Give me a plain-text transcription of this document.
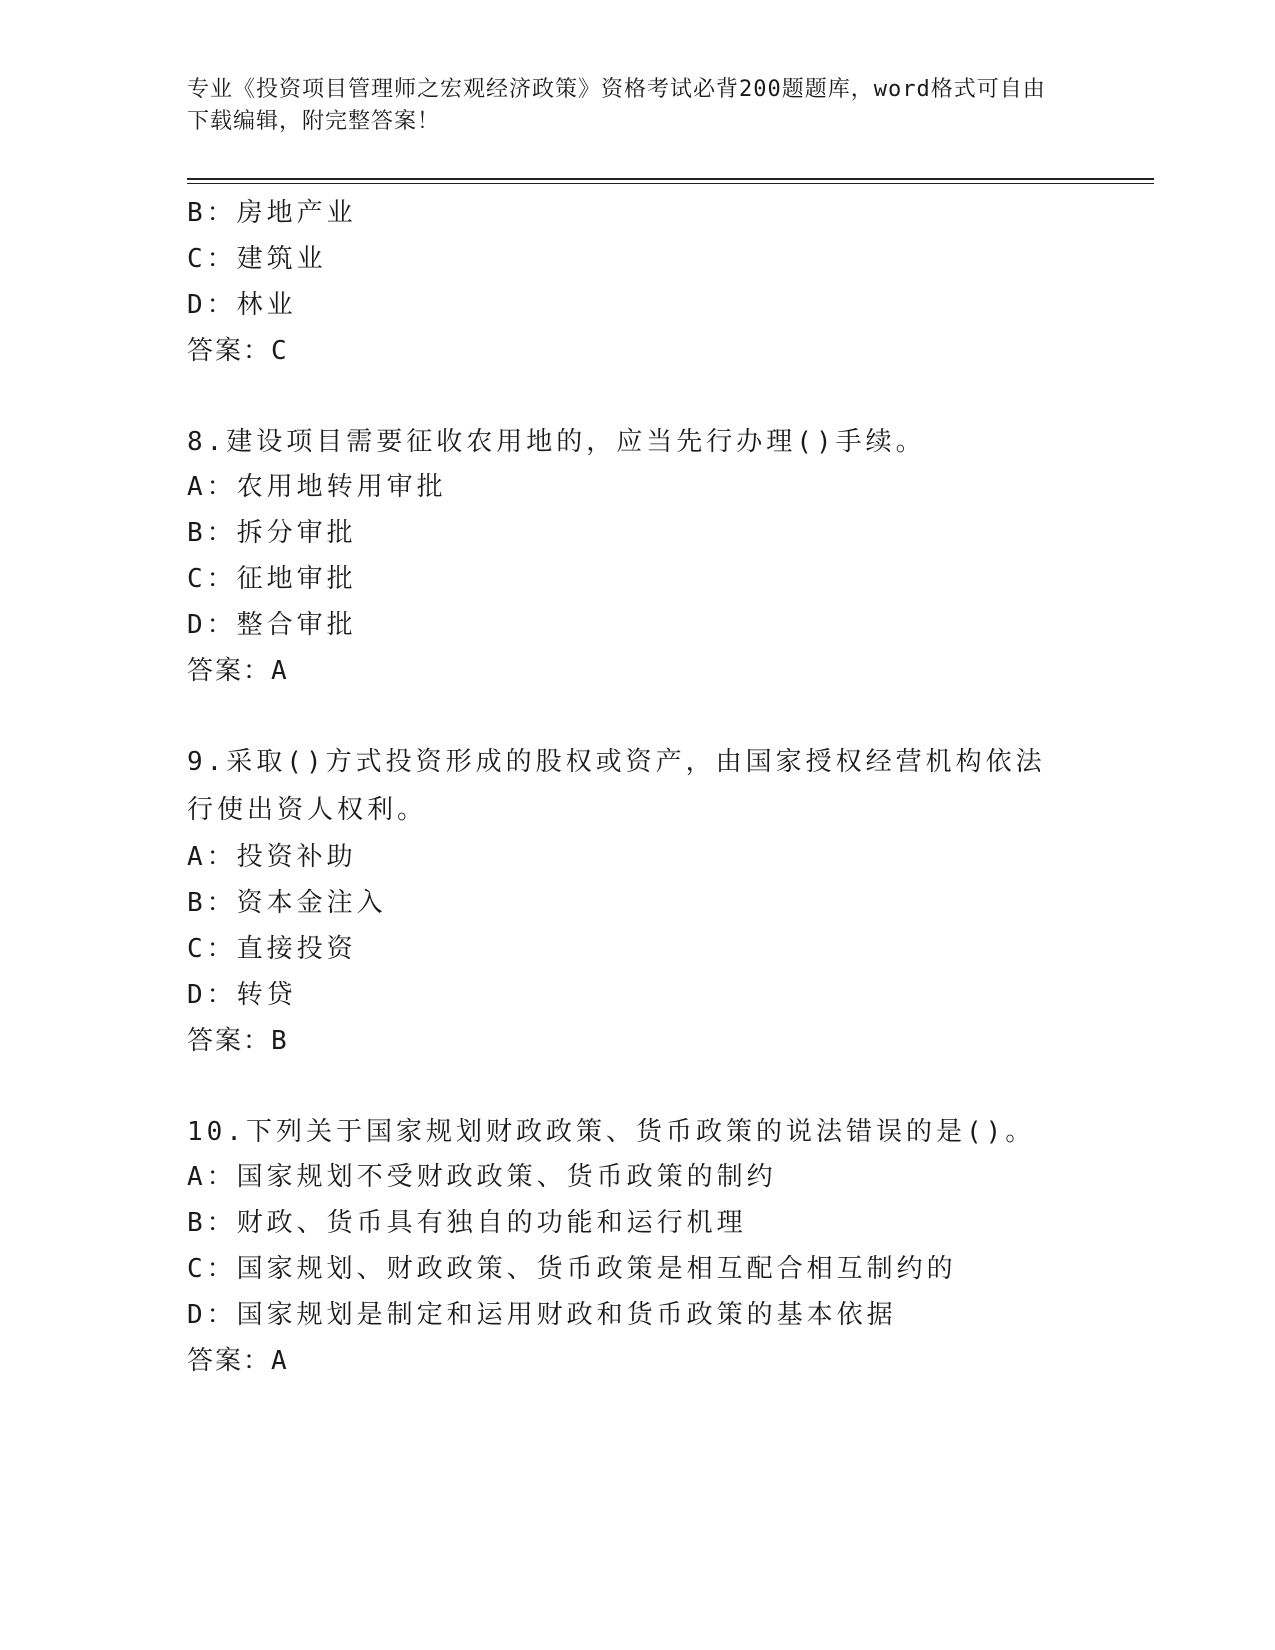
专业《投资项目管理师之宏观经济政策》资格考试必背200题题库，word格式可自由下载编辑，附完整答案！
B：房地产业
C：建筑业
D：林业
答案：C
8.建设项目需要征收农用地的，应当先行办理()手续。
A：农用地转用审批
B：拆分审批
C：征地审批
D：整合审批
答案：A
9.采取()方式投资形成的股权或资产，由国家授权经营机构依法行使出资人权利。
A：投资补助
B：资本金注入
C：直接投资
D：转贷
答案：B
10.下列关于国家规划财政政策、货币政策的说法错误的是()。
A：国家规划不受财政政策、货币政策的制约
B：财政、货币具有独自的功能和运行机理
C：国家规划、财政政策、货币政策是相互配合相互制约的
D：国家规划是制定和运用财政和货币政策的基本依据
答案：A
